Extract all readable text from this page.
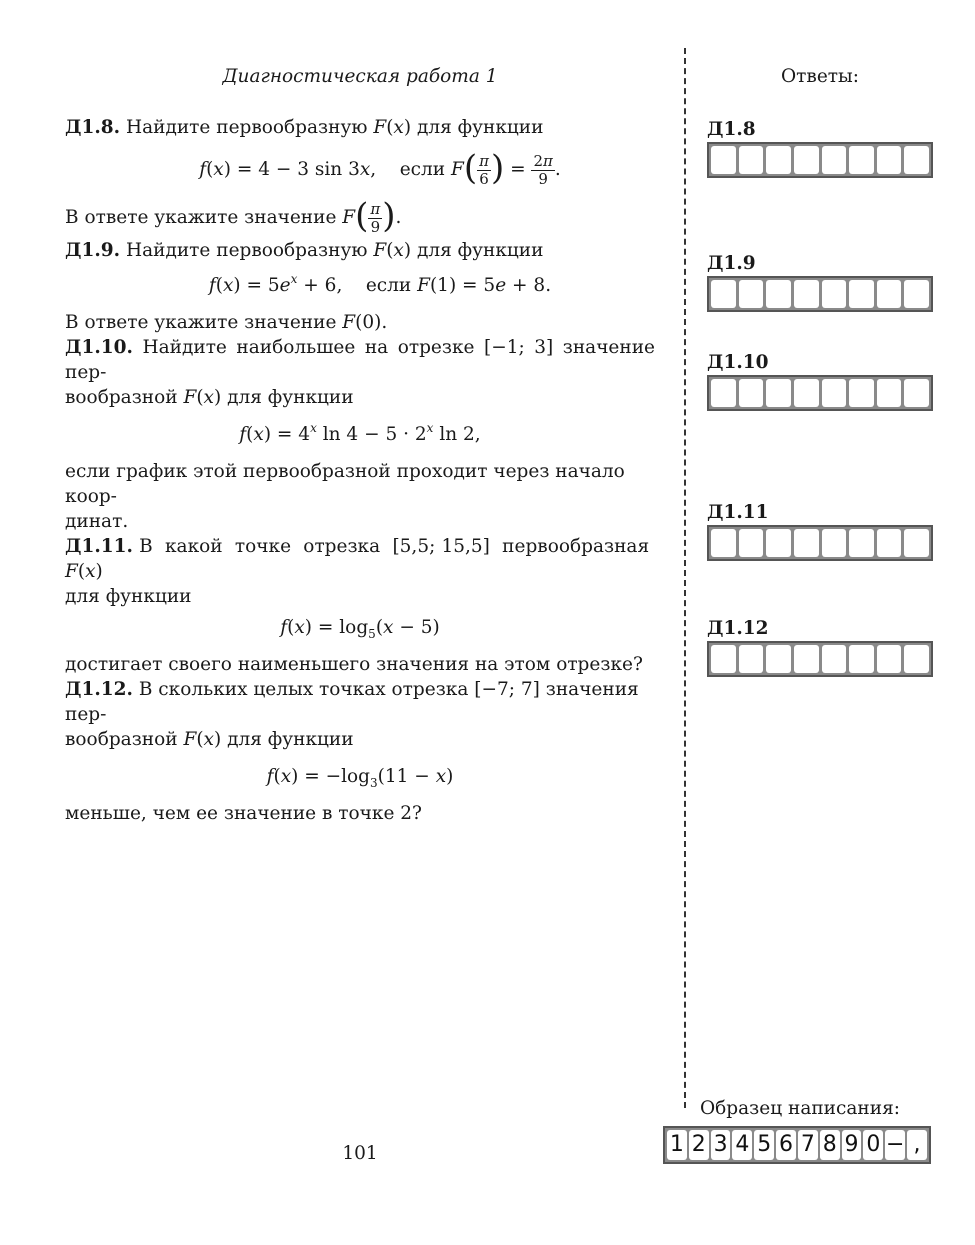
Диагностическая работа 1	Ответы:

Д1.8. Найдите первообразную F(x) для функции

f(x) = 4 − 3 sin 3x,    если $F( \frac{\pi}{6}$ ) = $\frac{2\pi}{9}$ .

В ответе укажите значение $F( \frac{\pi}{9}$ ).

Д1.9. Найдите первообразную F(x) для функции

$f(x) = 5e^x + 6$,    если F(1) = 5e + 8.

В ответе укажите значение F(0).

Д1.10. Найдите наибольшее на отрезке [−1; 3] значение пер-
вообразной F(x) для функции

$f(x) = 4^x$ $\ln 4 - 5 \cdot 2^x$ ln 2,

если график этой первообразной проходит через начало коор-
динат.

Д1.11. В  какой  точке  отрезка  [5,5; 15,5]  первообразная  F(x)
для функции

$f(x) = \log_5(x - 5)$

достигает своего наименьшего значения на этом отрезке?

Д1.12. В скольких целых точках отрезка [−7; 7] значения пер-
вообразной F(x) для функции

$f(x) = -\log_3(11 - x)$

меньше, чем ее значение в точке 2?

Д1.8
Д1.9
Д1.10
Д1.11
Д1.12
Образец написания:
1 2 3 4 5 6 7 8 9 0 − ,
101
